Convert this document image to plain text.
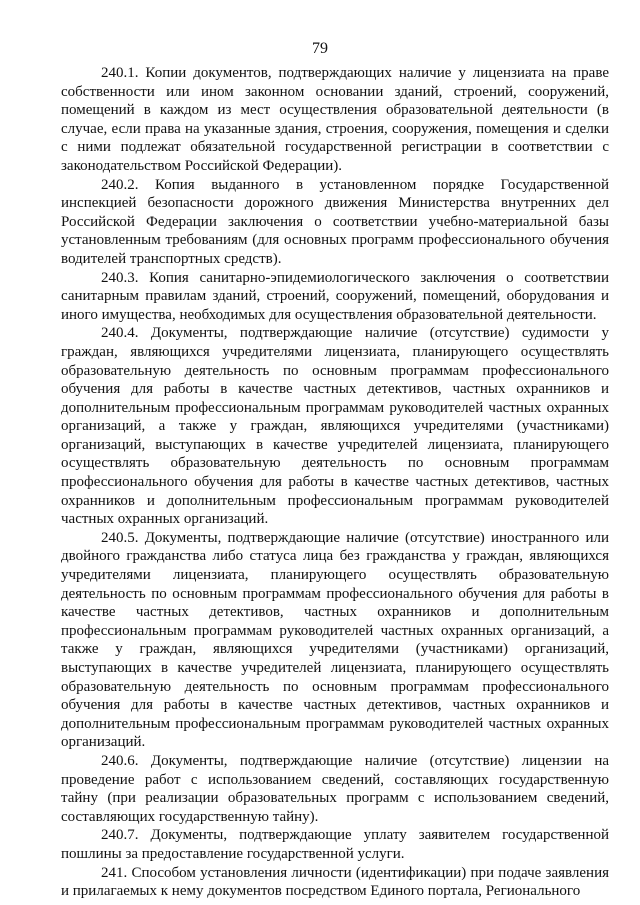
79

240.1. Копии документов, подтверждающих наличие у лицензиата на праве собственности или ином законном основании зданий, строений, сооружений, помещений в каждом из мест осуществления образовательной деятельности (в случае, если права на указанные здания, строения, сооружения, помещения и сделки с ними подлежат обязательной государственной регистрации в соответствии с законодательством Российской Федерации).

240.2. Копия выданного в установленном порядке Государственной инспекцией безопасности дорожного движения Министерства внутренних дел Российской Федерации заключения о соответствии учебно-материальной базы установленным требованиям (для основных программ профессионального обучения водителей транспортных средств).

240.3. Копия санитарно-эпидемиологического заключения о соответствии санитарным правилам зданий, строений, сооружений, помещений, оборудования и иного имущества, необходимых для осуществления образовательной деятельности.

240.4. Документы, подтверждающие наличие (отсутствие) судимости у граждан, являющихся учредителями лицензиата, планирующего осуществлять образовательную деятельность по основным программам профессионального обучения для работы в качестве частных детективов, частных охранников и дополнительным профессиональным программам руководителей частных охранных организаций, а также у граждан, являющихся учредителями (участниками) организаций, выступающих в качестве учредителей лицензиата, планирующего осуществлять образовательную деятельность по основным программам профессионального обучения для работы в качестве частных детективов, частных охранников и дополнительным профессиональным программам руководителей частных охранных организаций.

240.5. Документы, подтверждающие наличие (отсутствие) иностранного или двойного гражданства либо статуса лица без гражданства у граждан, являющихся учредителями лицензиата, планирующего осуществлять образовательную деятельность по основным программам профессионального обучения для работы в качестве частных детективов, частных охранников и дополнительным профессиональным программам руководителей частных охранных организаций, а также у граждан, являющихся учредителями (участниками) организаций, выступающих в качестве учредителей лицензиата, планирующего осуществлять образовательную деятельность по основным программам профессионального обучения для работы в качестве частных детективов, частных охранников и дополнительным профессиональным программам руководителей частных охранных организаций.

240.6. Документы, подтверждающие наличие (отсутствие) лицензии на проведение работ с использованием сведений, составляющих государственную тайну (при реализации образовательных программ с использованием сведений, составляющих государственную тайну).

240.7. Документы, подтверждающие уплату заявителем государственной пошлины за предоставление государственной услуги.

241. Способом установления личности (идентификации) при подаче заявления и прилагаемых к нему документов посредством Единого портала, Регионального
